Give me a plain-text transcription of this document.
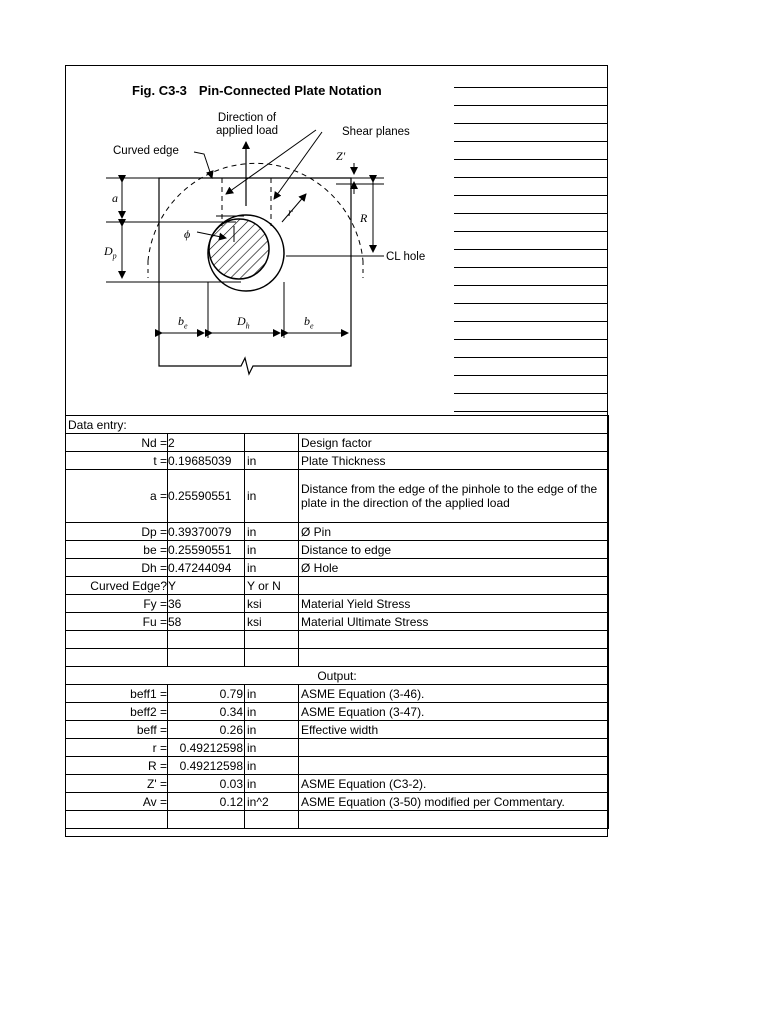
Fig. C3-3 Pin-Connected Plate Notation
Direction of
applied load	Shear planes
Curved edge	Z'
a
ϕ
r	R
$D_p$	CL hole
$b_e$	$D_h$	$b_e$
Data entry:			
Nd =	2		Design factor
t =	0.19685039	in	Plate Thickness
a =	0.25590551	in	Distance from the edge of the pinhole to the edge of the plate in the direction of the applied load
Dp =	0.39370079	in	Ø Pin
be =	0.25590551	in	Distance to edge
Dh =	0.47244094	in	Ø Hole
Curved Edge?	Y	Y or N	
Fy =	36	ksi	Material Yield Stress
Fu =	58	ksi	Material Ultimate Stress

Output:			
beff1 =	0.79	in	ASME Equation (3-46).
beff2 =	0.34	in	ASME Equation (3-47).
beff =	0.26	in	Effective width
r =	0.49212598	in	
R =	0.49212598	in	
Z' =	0.03	in	ASME Equation (C3-2).
Av =	0.12	in^2	ASME Equation (3-50) modified per Commentary.
